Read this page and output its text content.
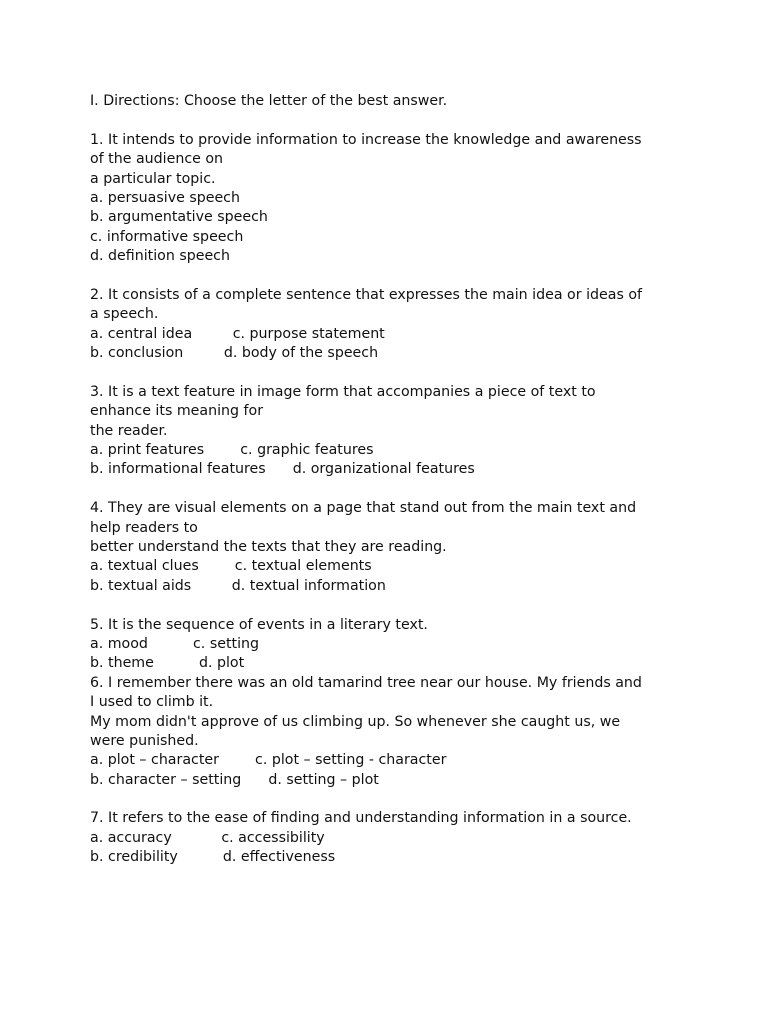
I. Directions: Choose the letter of the best answer.
1. It intends to provide information to increase the knowledge and awareness
of the audience on
a particular topic.
a. persuasive speech
b. argumentative speech
c. informative speech
d. definition speech
2. It consists of a complete sentence that expresses the main idea or ideas of
a speech.
a. central idea         c. purpose statement
b. conclusion         d. body of the speech
3. It is a text feature in image form that accompanies a piece of text to
enhance its meaning for
the reader.
a. print features        c. graphic features
b. informational features      d. organizational features
4. They are visual elements on a page that stand out from the main text and
help readers to
better understand the texts that they are reading.
a. textual clues        c. textual elements
b. textual aids         d. textual information
5. It is the sequence of events in a literary text.
a. mood          c. setting
b. theme          d. plot
6. I remember there was an old tamarind tree near our house. My friends and
I used to climb it.
My mom didn't approve of us climbing up. So whenever she caught us, we
were punished.
a. plot – character        c. plot – setting - character
b. character – setting      d. setting – plot
7. It refers to the ease of finding and understanding information in a source.
a. accuracy           c. accessibility
b. credibility          d. effectiveness
